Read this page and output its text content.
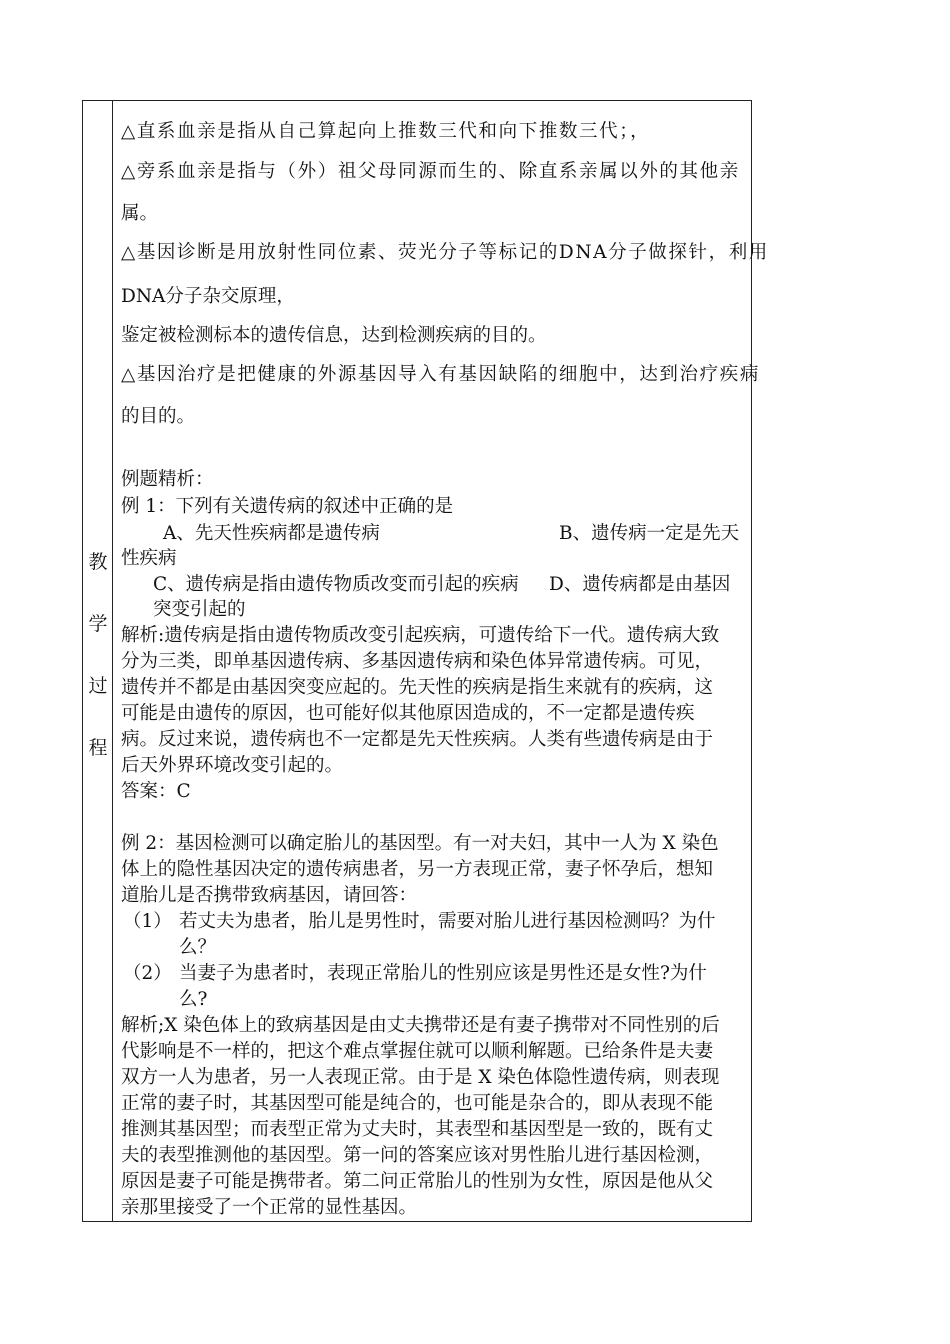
教
学
过
程
△直系血亲是指从自己算起向上推数三代和向下推数三代；，
△旁系血亲是指与（外）祖父母同源而生的、除直系亲属以外的其他亲
属。
△基因诊断是用放射性同位素、荧光分子等标记的DNA分子做探针，利用
DNA分子杂交原理，
鉴定被检测标本的遗传信息，达到检测疾病的目的。
△基因治疗是把健康的外源基因导入有基因缺陷的细胞中，达到治疗疾病
的目的。
例题精析：
例 1：下列有关遗传病的叙述中正确的是
A、先天性疾病都是遗传病	B、遗传病一定是先天
性疾病
C、遗传病是指由遗传物质改变而引起的疾病 D、遗传病都是由基因
突变引起的
解析:遗传病是指由遗传物质改变引起疾病，可遗传给下一代。遗传病大致
分为三类，即单基因遗传病、多基因遗传病和染色体异常遗传病。可见，
遗传并不都是由基因突变应起的。先天性的疾病是指生来就有的疾病，这
可能是由遗传的原因，也可能好似其他原因造成的，不一定都是遗传疾
病。反过来说，遗传病也不一定都是先天性疾病。人类有些遗传病是由于
后天外界环境改变引起的。
答案：C
例 2：基因检测可以确定胎儿的基因型。有一对夫妇，其中一人为 X 染色
体上的隐性基因决定的遗传病患者，另一方表现正常，妻子怀孕后，想知
道胎儿是否携带致病基因，请回答：
（1） 若丈夫为患者，胎儿是男性时，需要对胎儿进行基因检测吗？为什
么？
（2） 当妻子为患者时，表现正常胎儿的性别应该是男性还是女性?为什
么?
解析;X 染色体上的致病基因是由丈夫携带还是有妻子携带对不同性别的后
代影响是不一样的，把这个难点掌握住就可以顺利解题。已给条件是夫妻
双方一人为患者，另一人表现正常。由于是 X 染色体隐性遗传病，则表现
正常的妻子时，其基因型可能是纯合的，也可能是杂合的，即从表现不能
推测其基因型；而表型正常为丈夫时，其表型和基因型是一致的，既有丈
夫的表型推测他的基因型。第一问的答案应该对男性胎儿进行基因检测，
原因是妻子可能是携带者。第二问正常胎儿的性别为女性，原因是他从父
亲那里接受了一个正常的显性基因。
